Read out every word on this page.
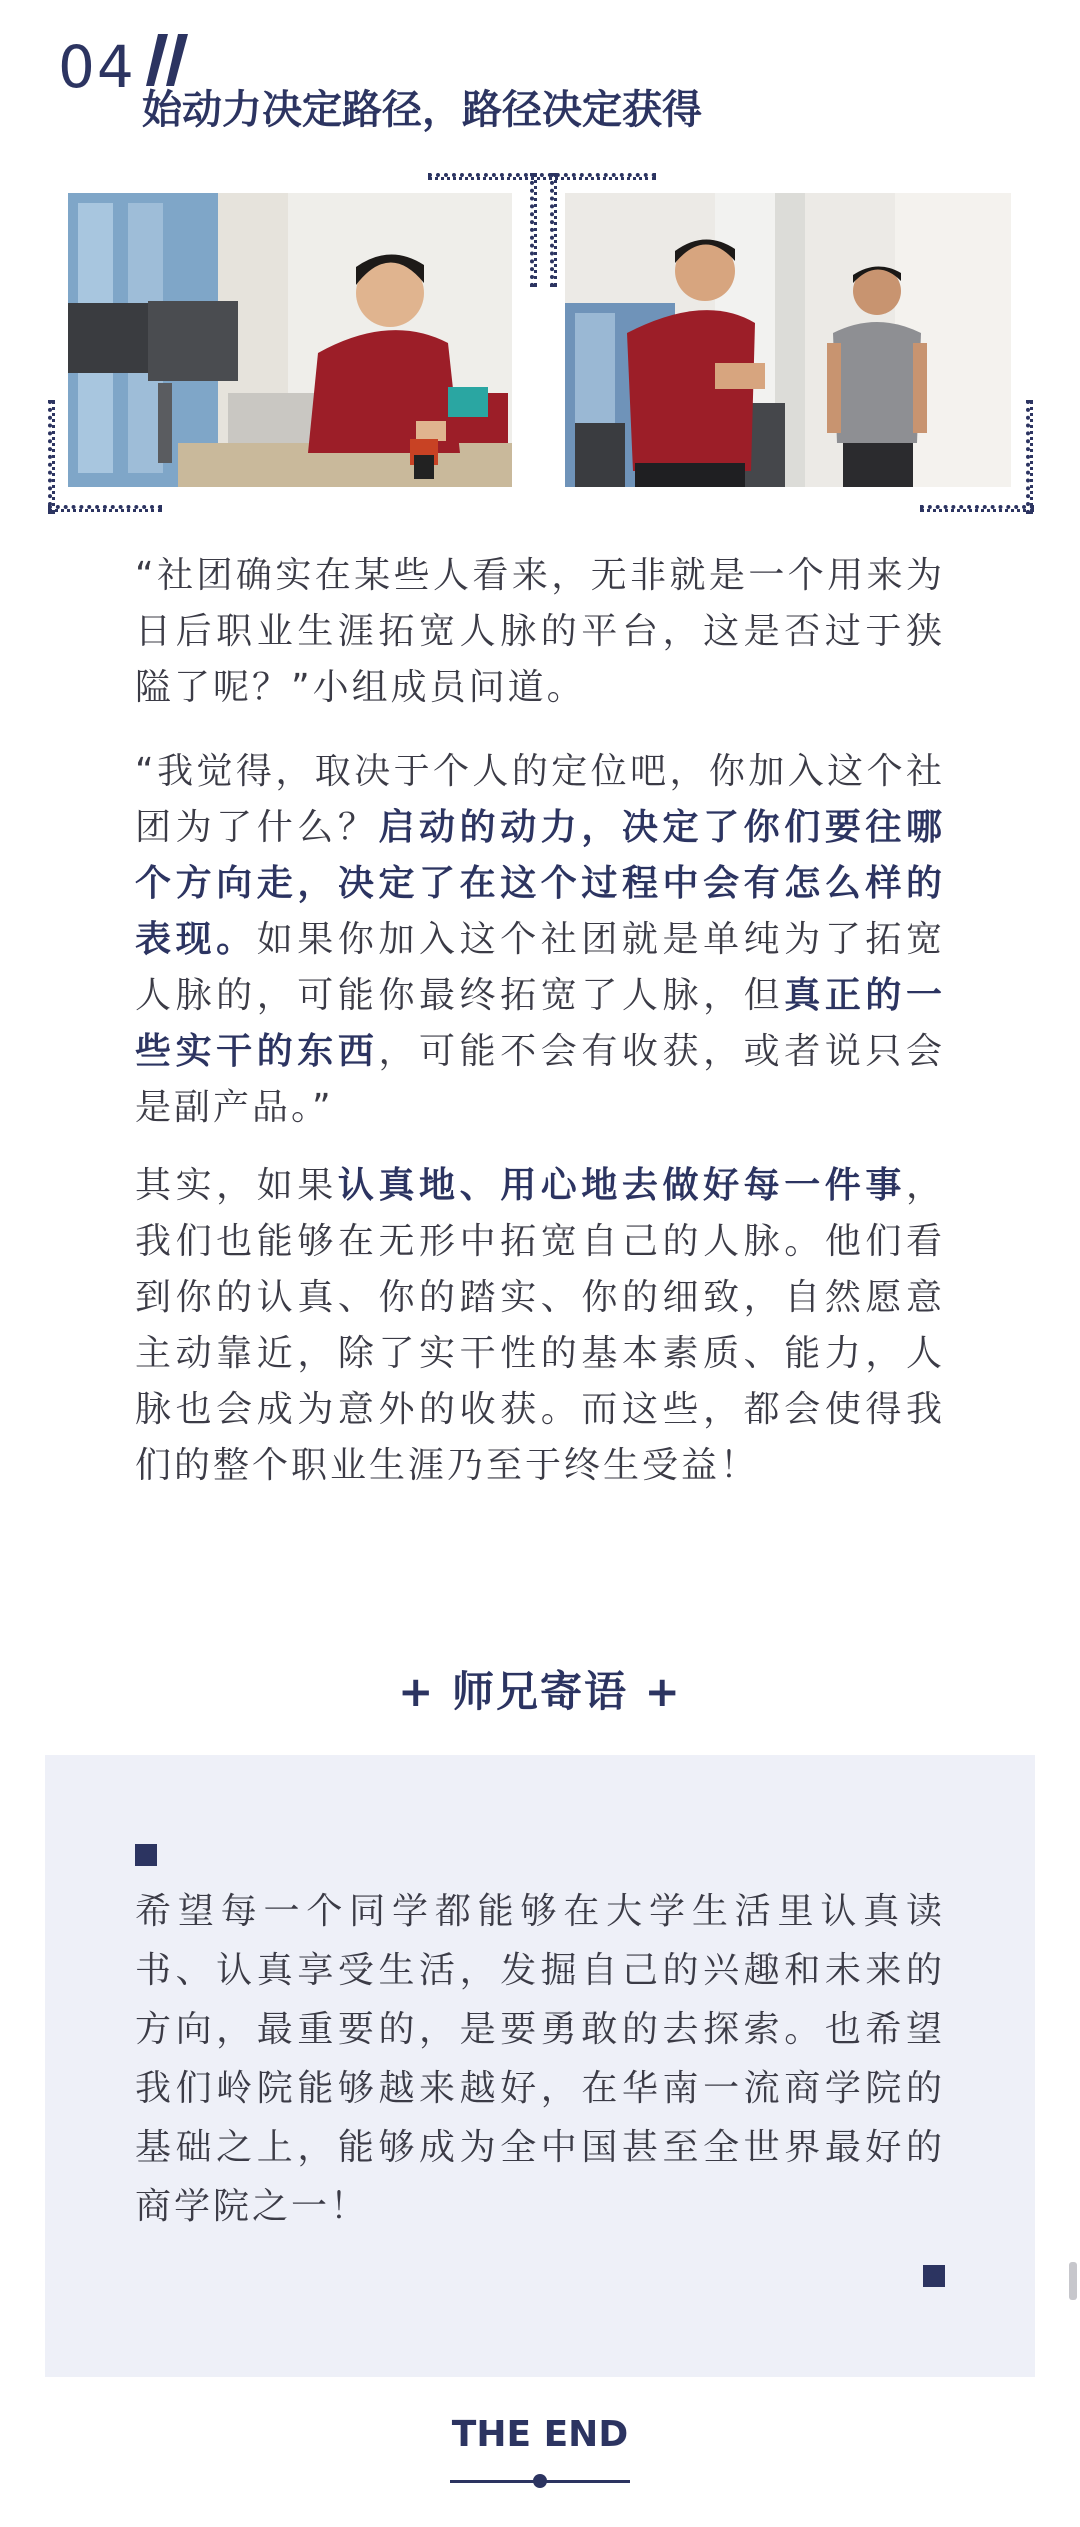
04
始动力决定路径，路径决定获得

“社团确实在某些人看来，无非就是一个用来为日后职业生涯拓宽人脉的平台，这是否过于狭隘了呢？”小组成员问道。

“我觉得，取决于个人的定位吧，你加入这个社团为了什么？启动的动力，决定了你们要往哪个方向走，决定了在这个过程中会有怎么样的表现。如果你加入这个社团就是单纯为了拓宽人脉的，可能你最终拓宽了人脉，但真正的一些实干的东西，可能不会有收获，或者说只会是副产品。”

其实，如果认真地、用心地去做好每一件事，我们也能够在无形中拓宽自己的人脉。他们看到你的认真、你的踏实、你的细致，自然愿意主动靠近，除了实干性的基本素质、能力，人脉也会成为意外的收获。而这些，都会使得我们的整个职业生涯乃至于终生受益！

+ 师兄寄语 +

希望每一个同学都能够在大学生活里认真读书、认真享受生活，发掘自己的兴趣和未来的方向，最重要的，是要勇敢的去探索。也希望我们岭院能够越来越好，在华南一流商学院的基础之上，能够成为全中国甚至全世界最好的商学院之一！

THE END
